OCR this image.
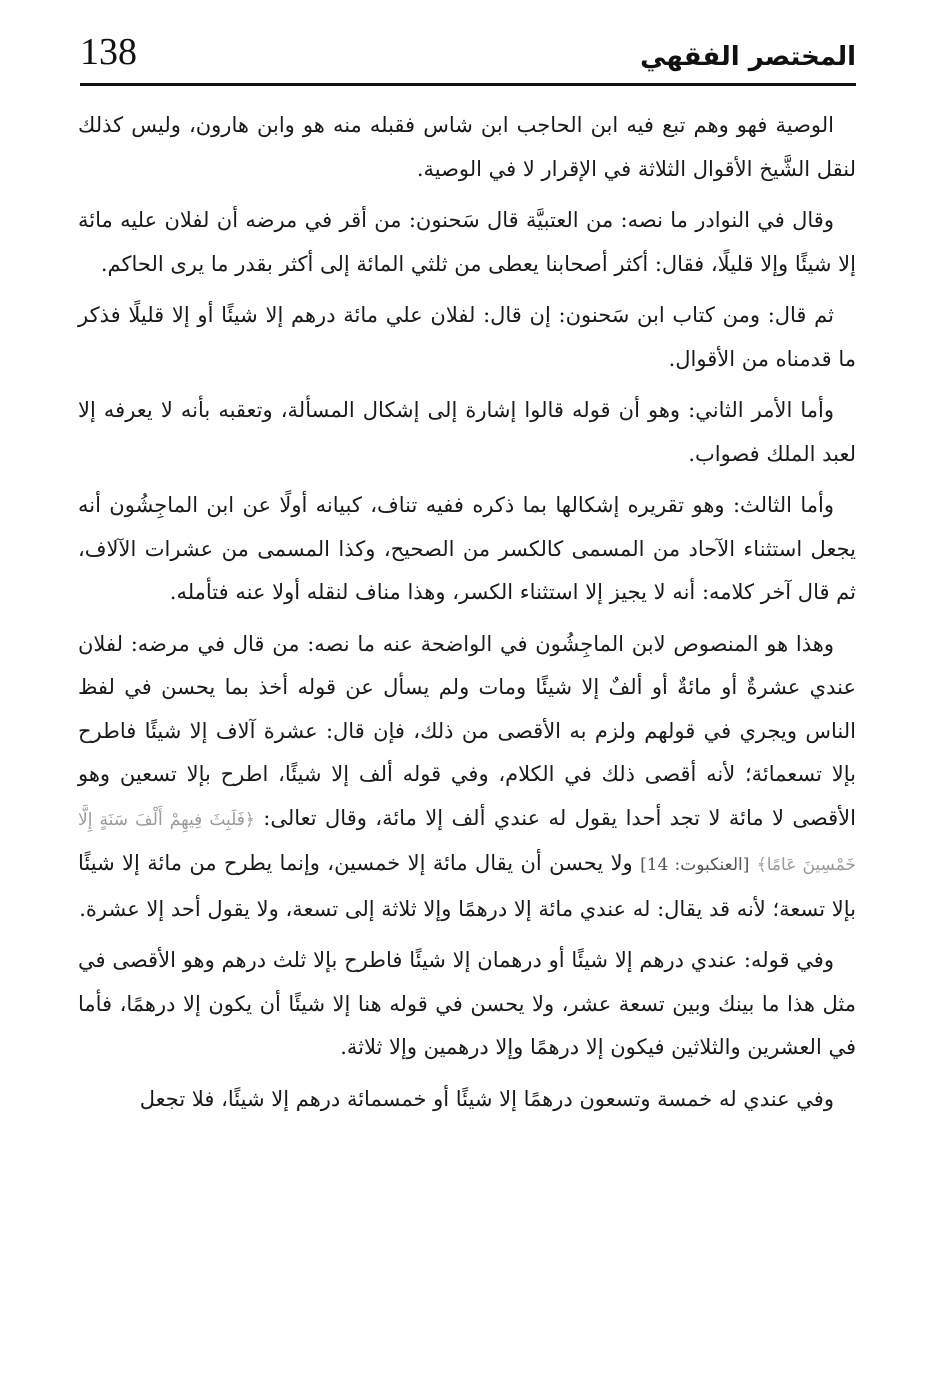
138	المختصر الفقهي

الوصية فهو وهم تبع فيه ابن الحاجب ابن شاس فقبله منه هو وابن هارون، وليس كذلك لنقل الشَّيخ الأقوال الثلاثة في الإقرار لا في الوصية.

وقال في النوادر ما نصه: من العتبيَّة قال سَحنون: من أقر في مرضه أن لفلان عليه مائة إلا شيئًا وإلا قليلًا، فقال: أكثر أصحابنا يعطى من ثلثي المائة إلى أكثر بقدر ما يرى الحاكم.

ثم قال: ومن كتاب ابن سَحنون: إن قال: لفلان علي مائة درهم إلا شيئًا أو إلا قليلًا فذكر ما قدمناه من الأقوال.

وأما الأمر الثاني: وهو أن قوله قالوا إشارة إلى إشكال المسألة، وتعقبه بأنه لا يعرفه إلا لعبد الملك فصواب.

وأما الثالث: وهو تقريره إشكالها بما ذكره ففيه تناف، كبيانه أولًا عن ابن الماجِشُون أنه يجعل استثناء الآحاد من المسمى كالكسر من الصحيح، وكذا المسمى من عشرات الآلاف، ثم قال آخر كلامه: أنه لا يجيز إلا استثناء الكسر، وهذا مناف لنقله أولا عنه فتأمله.

وهذا هو المنصوص لابن الماجِشُون في الواضحة عنه ما نصه: من قال في مرضه: لفلان عندي عشرةٌ أو مائةٌ أو ألفٌ إلا شيئًا ومات ولم يسأل عن قوله أخذ بما يحسن في لفظ الناس ويجري في قولهم ولزم به الأقصى من ذلك، فإن قال: عشرة آلاف إلا شيئًا فاطرح بإلا تسعمائة؛ لأنه أقصى ذلك في الكلام، وفي قوله ألف إلا شيئًا، اطرح بإلا تسعين وهو الأقصى لا مائة لا تجد أحدا يقول له عندي ألف إلا مائة، وقال تعالى: ﴿فَلَبِثَ فِيهِمْ أَلْفَ سَنَةٍ إِلَّا خَمْسِينَ عَامًا﴾ [العنكبوت: 14] ولا يحسن أن يقال مائة إلا خمسين، وإنما يطرح من مائة إلا شيئًا بإلا تسعة؛ لأنه قد يقال: له عندي مائة إلا درهمًا وإلا ثلاثة إلى تسعة، ولا يقول أحد إلا عشرة.

وفي قوله: عندي درهم إلا شيئًا أو درهمان إلا شيئًا فاطرح بإلا ثلث درهم وهو الأقصى في مثل هذا ما بينك وبين تسعة عشر، ولا يحسن في قوله هنا إلا شيئًا أن يكون إلا درهمًا، فأما في العشرين والثلاثين فيكون إلا درهمًا وإلا درهمين وإلا ثلاثة.

وفي عندي له خمسة وتسعون درهمًا إلا شيئًا أو خمسمائة درهم إلا شيئًا، فلا تجعل
